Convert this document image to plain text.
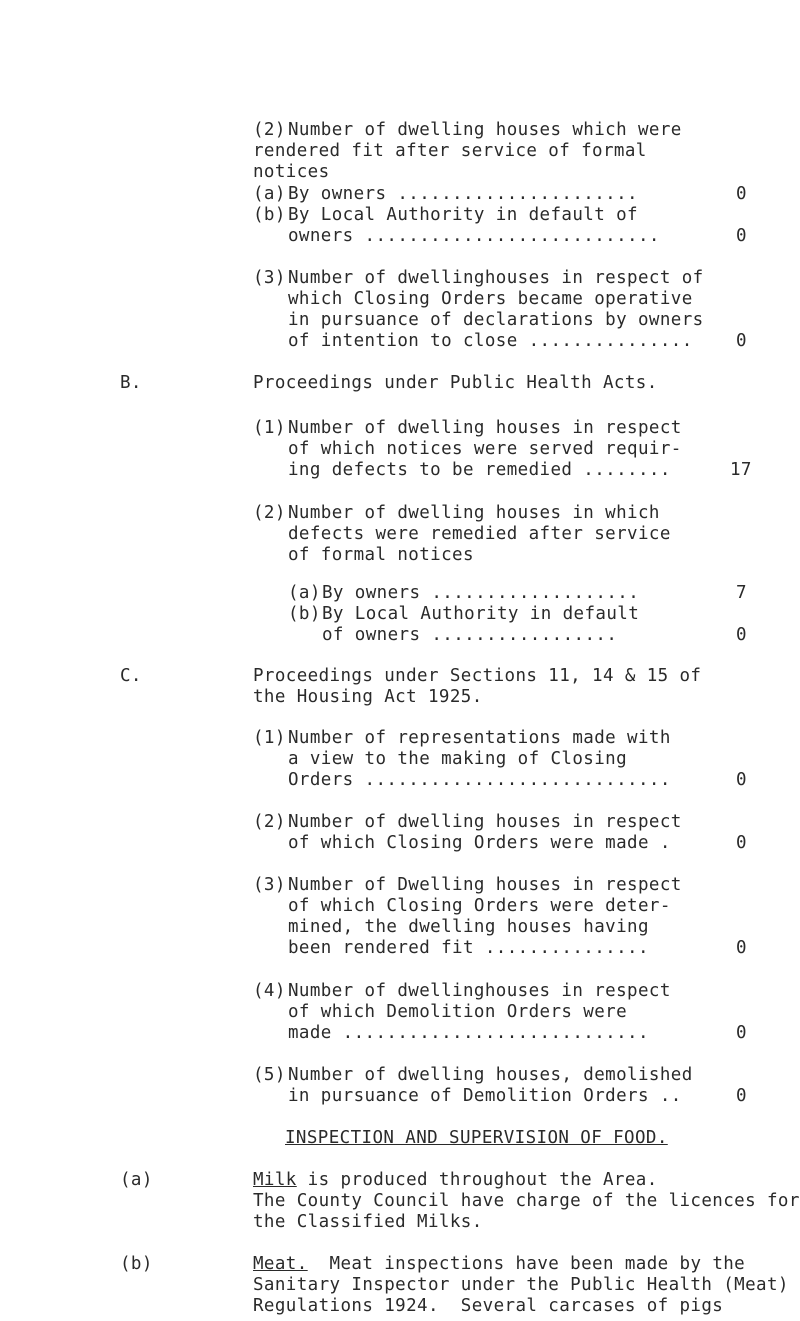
(2) Number of dwelling houses which were
rendered fit after service of formal
notices
(a) By owners ......................	0
(b) By Local Authority in default of
owners ...........................	0
(3) Number of dwellinghouses in respect of
which Closing Orders became operative
in pursuance of declarations by owners
of intention to close ............... 0
B.	Proceedings under Public Health Acts.
(1) Number of dwelling houses in respect
of which notices were served requir-
ing defects to be remedied ........	17
(2) Number of dwelling houses in which
defects were remedied after service
of formal notices
(a) By owners ...................	7
(b) By Local Authority in default
of owners .................	0
C.	Proceedings under Sections 11, 14 & 15 of
the Housing Act 1925.
(1) Number of representations made with
a view to the making of Closing
Orders ............................	0
(2) Number of dwelling houses in respect
of which Closing Orders were made .	0
(3) Number of Dwelling houses in respect
of which Closing Orders were deter-
mined, the dwelling houses having
been rendered fit ...............	0
(4) Number of dwellinghouses in respect
of which Demolition Orders were
made ............................	0
(5) Number of dwelling houses, demolished
in pursuance of Demolition Orders ..	0
INSPECTION AND SUPERVISION OF FOOD.
(a)	Milk is produced throughout the Area.
The County Council have charge of the licences for
the Classified Milks.
(b)	Meat.  Meat inspections have been made by the
Sanitary Inspector under the Public Health (Meat)
Regulations 1924.  Several carcases of pigs
